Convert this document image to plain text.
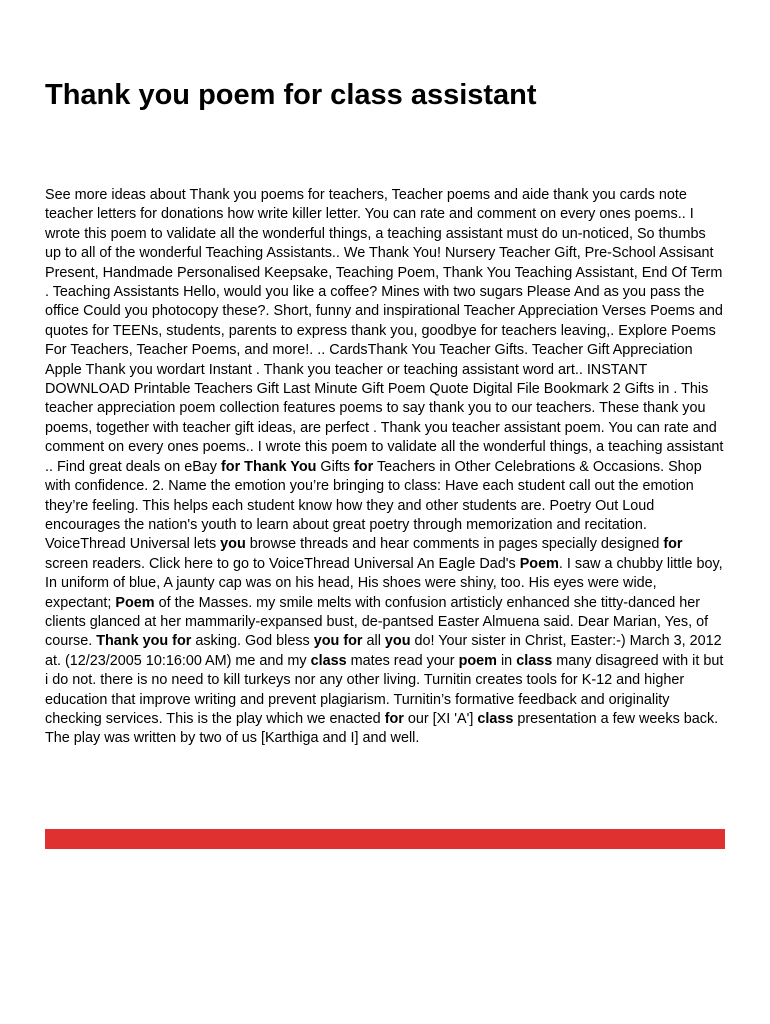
Thank you poem for class assistant

See more ideas about Thank you poems for teachers, Teacher poems and aide thank you cards note teacher letters for donations how write killer letter. You can rate and comment on every ones poems.. I wrote this poem to validate all the wonderful things, a teaching assistant must do un-noticed, So thumbs up to all of the wonderful Teaching Assistants.. We Thank You! Nursery Teacher Gift, Pre-School Assisant Present, Handmade Personalised Keepsake, Teaching Poem, Thank You Teaching Assistant, End Of Term . Teaching Assistants Hello, would you like a coffee? Mines with two sugars Please And as you pass the office Could you photocopy these?. Short, funny and inspirational Teacher Appreciation Verses Poems and quotes for TEENs, students, parents to express thank you, goodbye for teachers leaving,. Explore Poems For Teachers, Teacher Poems, and more!. .. CardsThank You Teacher Gifts. Teacher Gift Appreciation Apple Thank you wordart Instant . Thank you teacher or teaching assistant word art.. INSTANT DOWNLOAD Printable Teachers Gift Last Minute Gift Poem Quote Digital File Bookmark 2 Gifts in . This teacher appreciation poem collection features poems to say thank you to our teachers. These thank you poems, together with teacher gift ideas, are perfect . Thank you teacher assistant poem. You can rate and comment on every ones poems.. I wrote this poem to validate all the wonderful things, a teaching assistant .. Find great deals on eBay for Thank You Gifts for Teachers in Other Celebrations & Occasions. Shop with confidence. 2. Name the emotion you’re bringing to class: Have each student call out the emotion they’re feeling. This helps each student know how they and other students are. Poetry Out Loud encourages the nation's youth to learn about great poetry through memorization and recitation. VoiceThread Universal lets you browse threads and hear comments in pages specially designed for screen readers. Click here to go to VoiceThread Universal An Eagle Dad's Poem. I saw a chubby little boy, In uniform of blue, A jaunty cap was on his head, His shoes were shiny, too. His eyes were wide, expectant; Poem of the Masses. my smile melts with confusion artisticly enhanced she titty-danced her clients glanced at her mammarily-expansed bust, de-pantsed Easter Almuena said. Dear Marian, Yes, of course. Thank you for asking. God bless you for all you do! Your sister in Christ, Easter:-) March 3, 2012 at. (12/23/2005 10:16:00 AM) me and my class mates read your poem in class many disagreed with it but i do not. there is no need to kill turkeys nor any other living. Turnitin creates tools for K-12 and higher education that improve writing and prevent plagiarism. Turnitin’s formative feedback and originality checking services. This is the play which we enacted for our [XI 'A'] class presentation a few weeks back. The play was written by two of us [Karthiga and I] and well.
